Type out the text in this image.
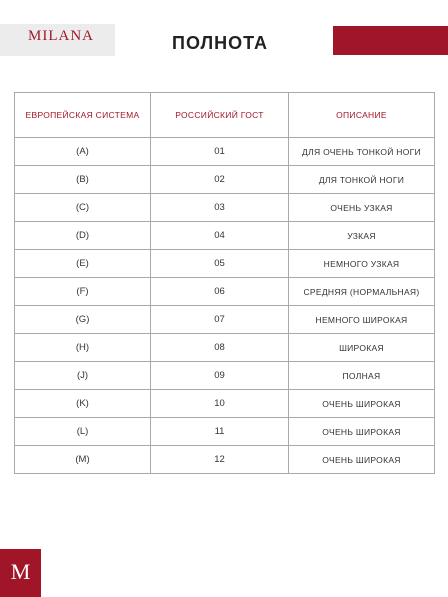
MILANA	ПОЛНОТА
ЕВРОПЕЙСКАЯ СИСТЕМА	РОССИЙСКИЙ ГОСТ	ОПИСАНИЕ
(A)	01	ДЛЯ ОЧЕНЬ ТОНКОЙ НОГИ
(B)	02	ДЛЯ ТОНКОЙ НОГИ
(C)	03	ОЧЕНЬ УЗКАЯ
(D)	04	УЗКАЯ
(E)	05	НЕМНОГО УЗКАЯ
(F)	06	СРЕДНЯЯ (НОРМАЛЬНАЯ)
(G)	07	НЕМНОГО ШИРОКАЯ
(H)	08	ШИРОКАЯ
(J)	09	ПОЛНАЯ
(K)	10	ОЧЕНЬ ШИРОКАЯ
(L)	11	ОЧЕНЬ ШИРОКАЯ
(M)	12	ОЧЕНЬ ШИРОКАЯ
M
